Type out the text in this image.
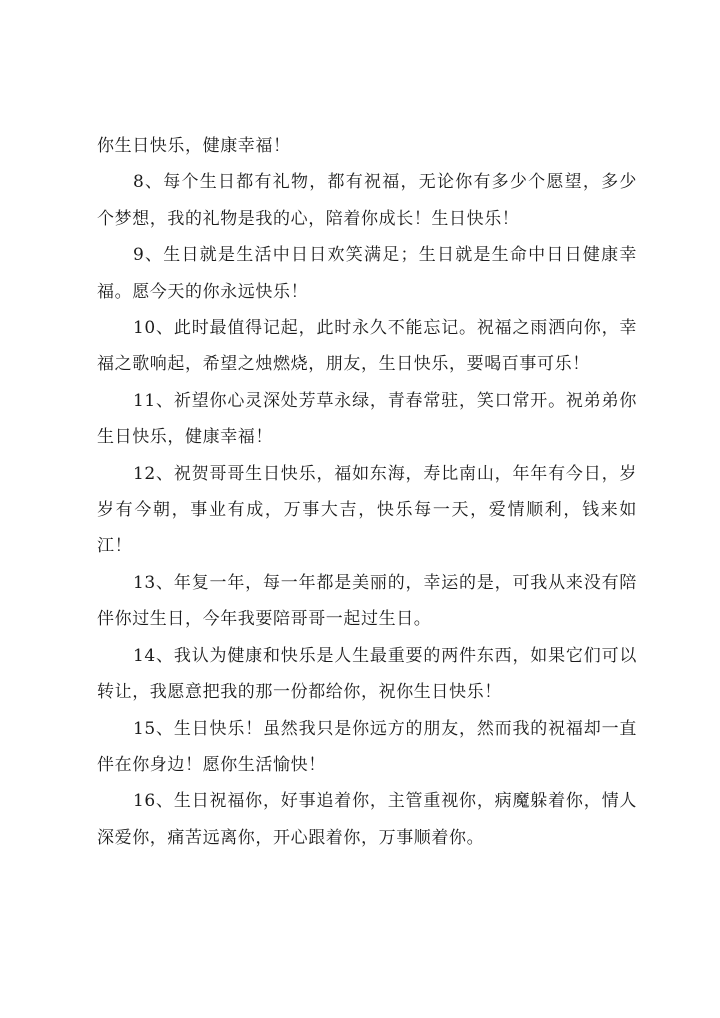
你生日快乐，健康幸福！

8、每个生日都有礼物，都有祝福，无论你有多少个愿望，多少个梦想，我的礼物是我的心，陪着你成长！生日快乐！

9、生日就是生活中日日欢笑满足；生日就是生命中日日健康幸福。愿今天的你永远快乐！

10、此时最值得记起，此时永久不能忘记。祝福之雨洒向你，幸福之歌响起，希望之烛燃烧，朋友，生日快乐，要喝百事可乐！

11、祈望你心灵深处芳草永绿，青春常驻，笑口常开。祝弟弟你生日快乐，健康幸福！

12、祝贺哥哥生日快乐，福如东海，寿比南山，年年有今日，岁岁有今朝，事业有成，万事大吉，快乐每一天，爱情顺利，钱来如江！

13、年复一年，每一年都是美丽的，幸运的是，可我从来没有陪伴你过生日，今年我要陪哥哥一起过生日。

14、我认为健康和快乐是人生最重要的两件东西，如果它们可以转让，我愿意把我的那一份都给你，祝你生日快乐！

15、生日快乐！虽然我只是你远方的朋友，然而我的祝福却一直伴在你身边！愿你生活愉快！

16、生日祝福你，好事追着你，主管重视你，病魔躲着你，情人深爱你，痛苦远离你，开心跟着你，万事顺着你。
